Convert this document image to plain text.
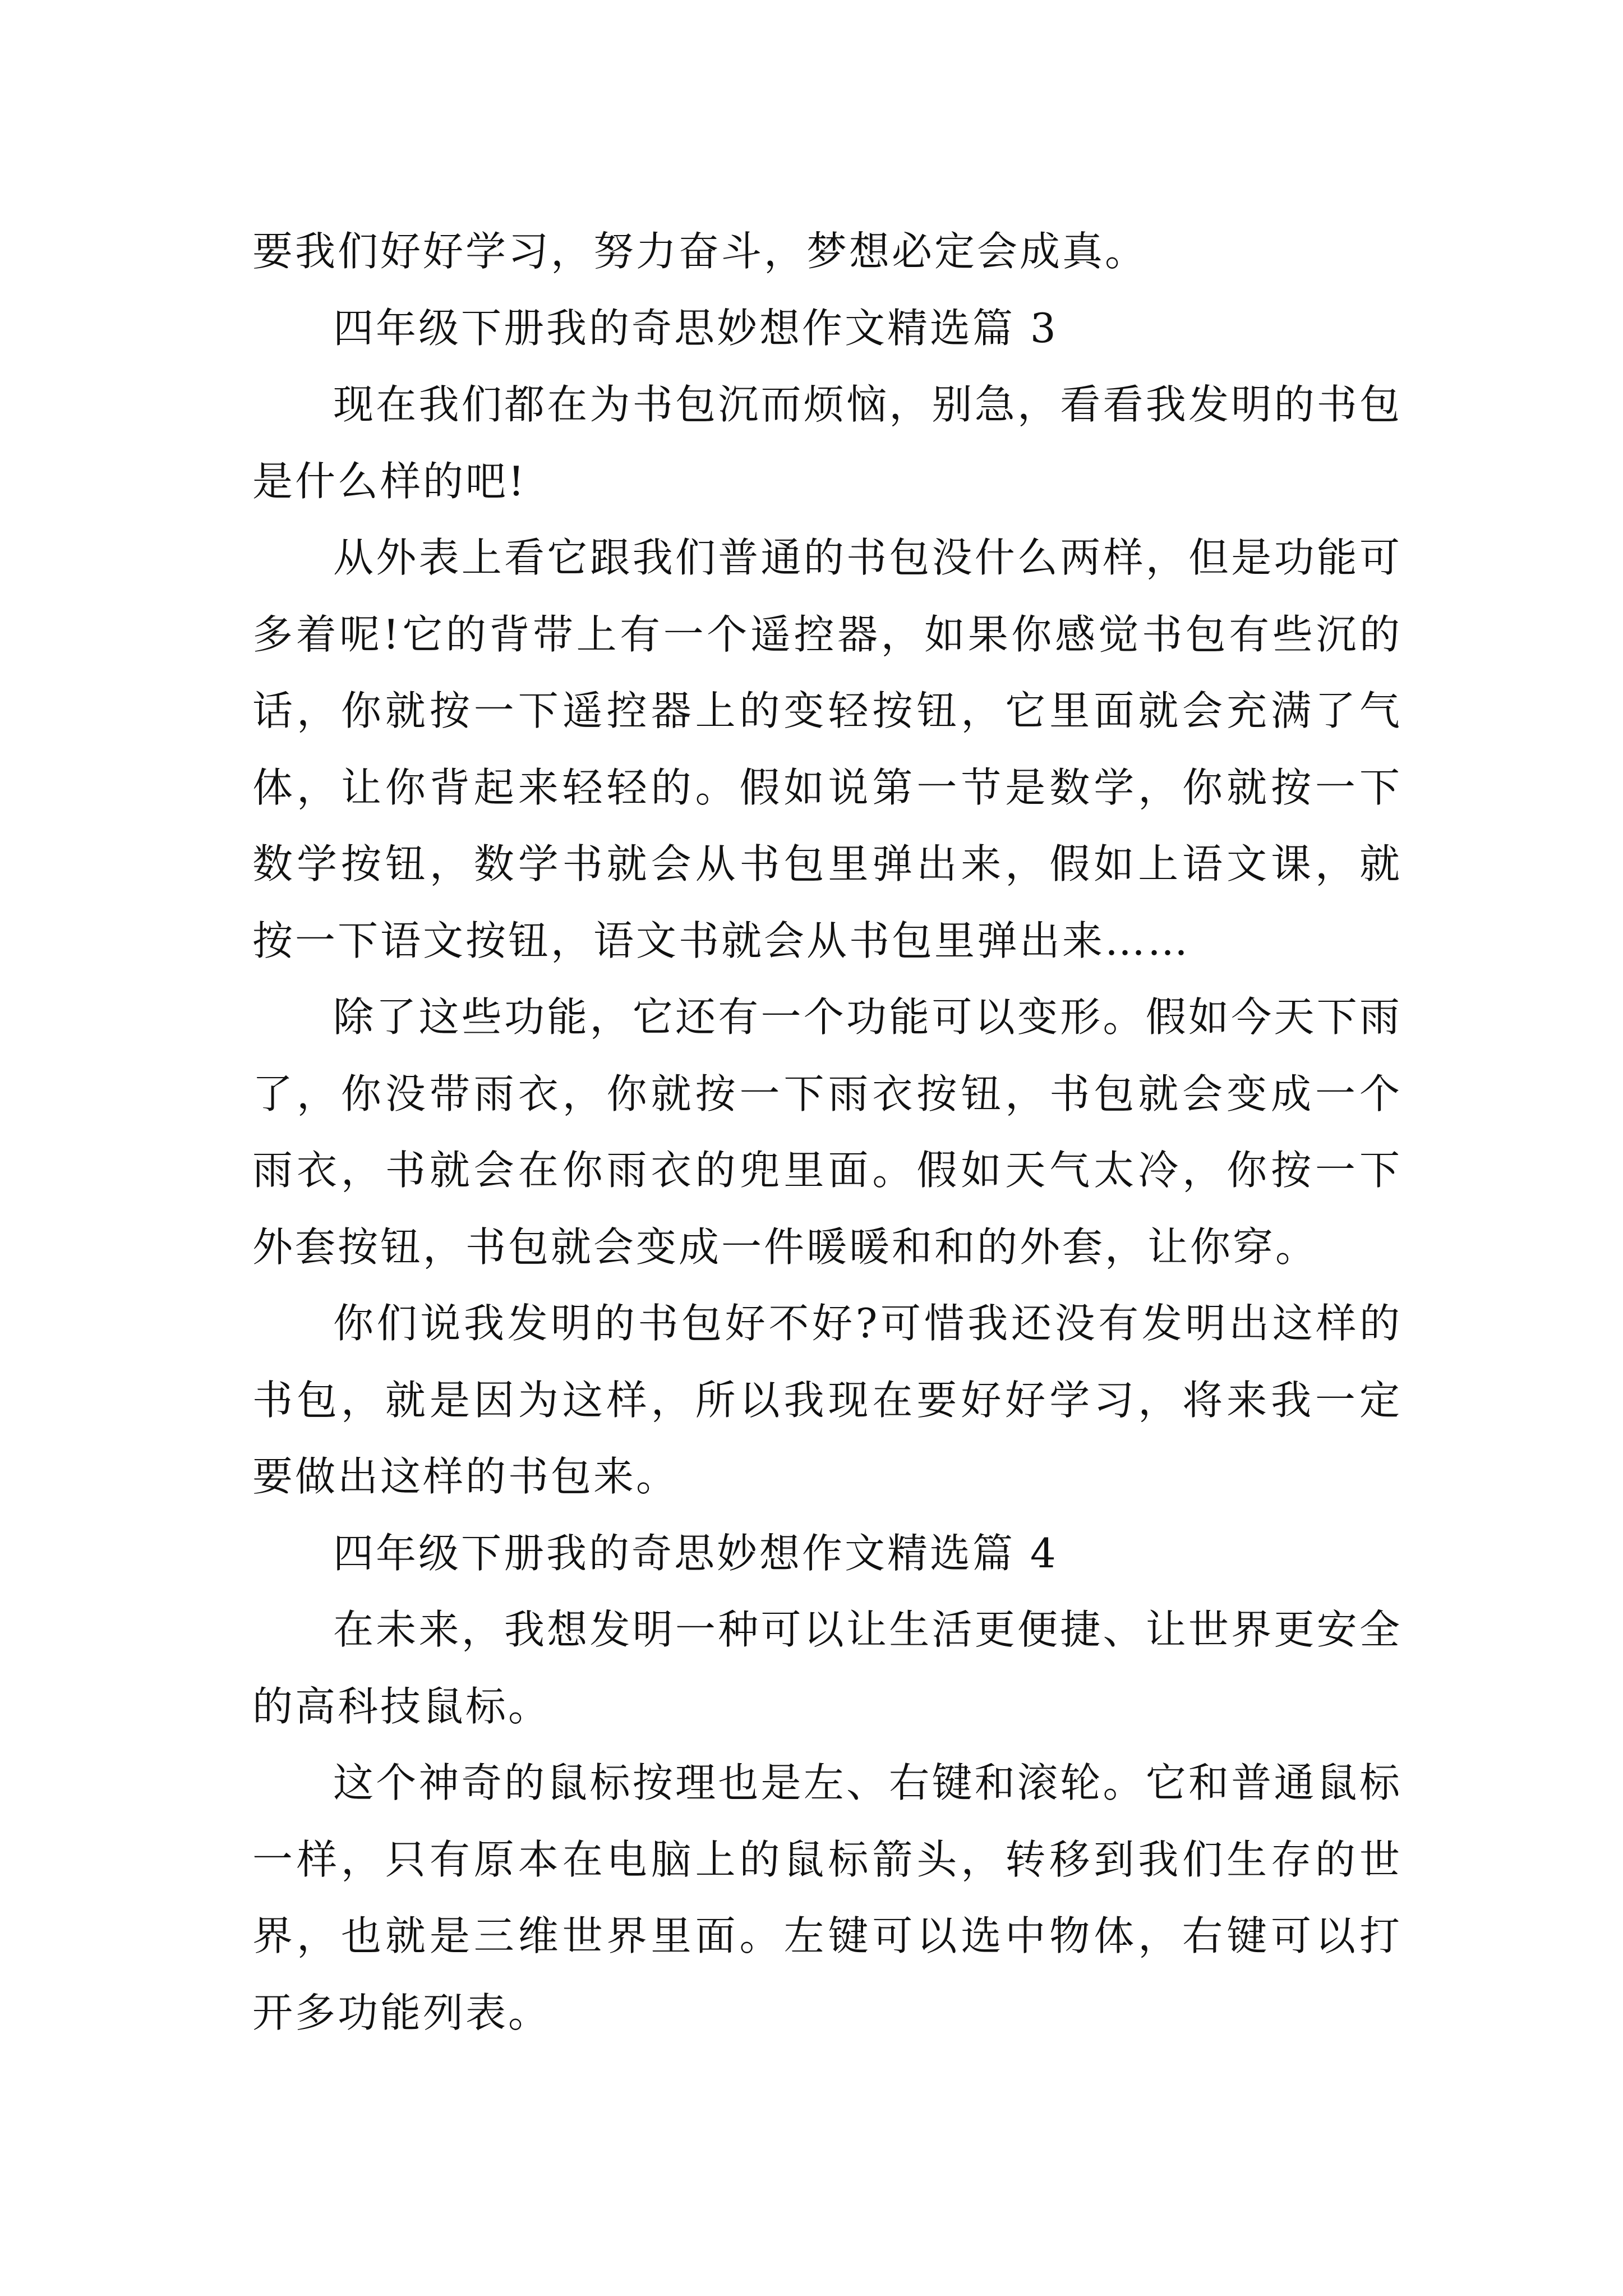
要我们好好学习，努力奋斗，梦想必定会成真。

四年级下册我的奇思妙想作文精选篇 3

现在我们都在为书包沉而烦恼，别急，看看我发明的书包是什么样的吧!

从外表上看它跟我们普通的书包没什么两样，但是功能可多着呢!它的背带上有一个遥控器，如果你感觉书包有些沉的话，你就按一下遥控器上的变轻按钮，它里面就会充满了气体，让你背起来轻轻的。假如说第一节是数学，你就按一下数学按钮，数学书就会从书包里弹出来，假如上语文课，就按一下语文按钮，语文书就会从书包里弹出来……

除了这些功能，它还有一个功能可以变形。假如今天下雨了，你没带雨衣，你就按一下雨衣按钮，书包就会变成一个雨衣，书就会在你雨衣的兜里面。假如天气太冷，你按一下外套按钮，书包就会变成一件暖暖和和的外套，让你穿。

你们说我发明的书包好不好?可惜我还没有发明出这样的书包，就是因为这样，所以我现在要好好学习，将来我一定要做出这样的书包来。

四年级下册我的奇思妙想作文精选篇 4

在未来，我想发明一种可以让生活更便捷、让世界更安全的高科技鼠标。

这个神奇的鼠标按理也是左、右键和滚轮。它和普通鼠标一样，只有原本在电脑上的鼠标箭头，转移到我们生存的世界，也就是三维世界里面。左键可以选中物体，右键可以打开多功能列表。
